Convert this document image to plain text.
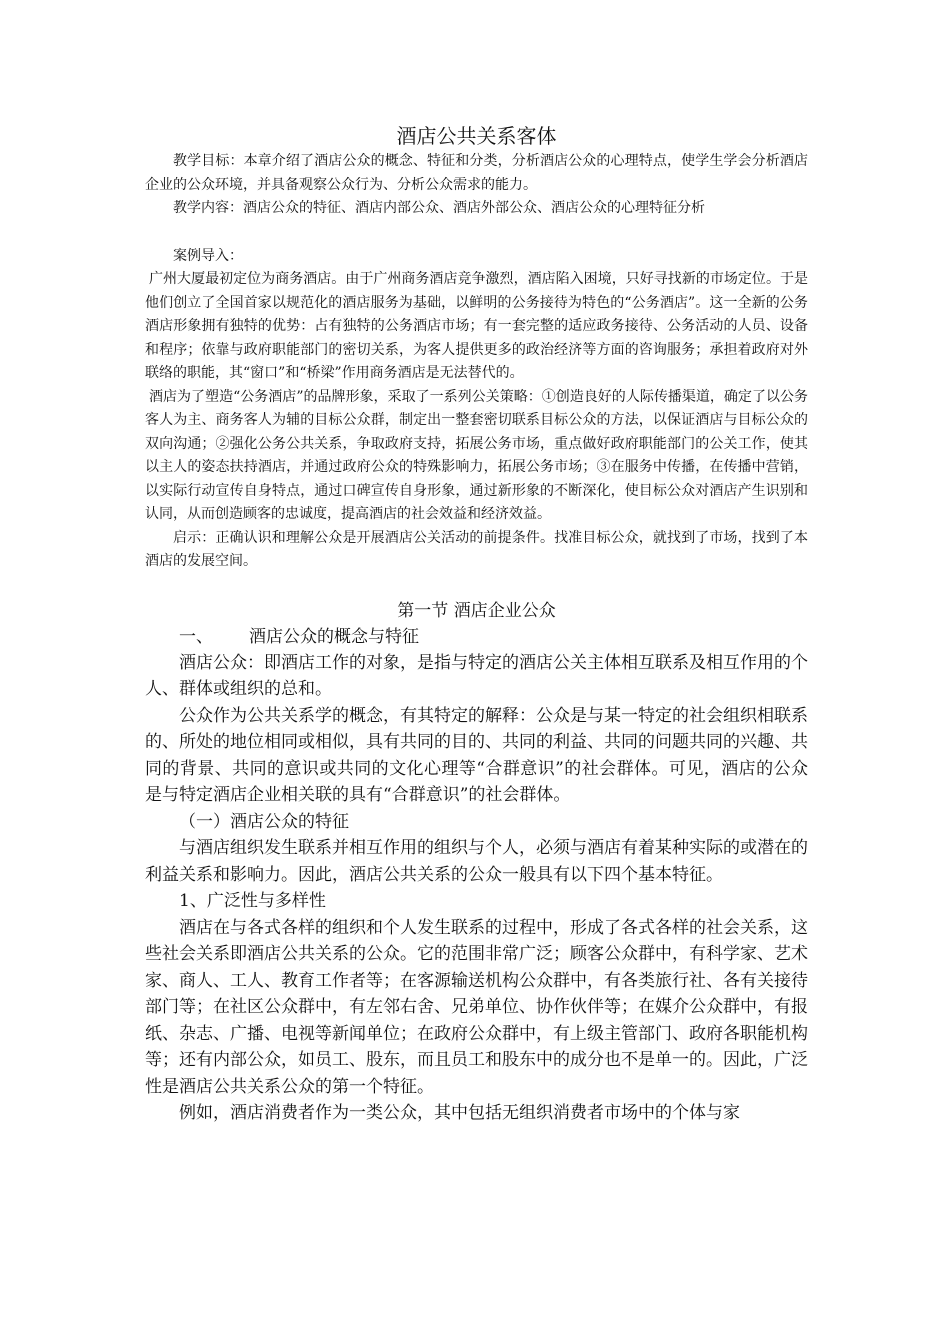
酒店公共关系客体

教学目标：本章介绍了酒店公众的概念、特征和分类，分析酒店公众的心理特点，使学生学会分析酒店企业的公众环境，并具备观察公众行为、分析公众需求的能力。

教学内容：酒店公众的特征、酒店内部公众、酒店外部公众、酒店公众的心理特征分析

案例导入：

广州大厦最初定位为商务酒店。由于广州商务酒店竞争激烈，酒店陷入困境，只好寻找新的市场定位。于是他们创立了全国首家以规范化的酒店服务为基础，以鲜明的公务接待为特色的“公务酒店”。这一全新的公务酒店形象拥有独特的优势：占有独特的公务酒店市场；有一套完整的适应政务接待、公务活动的人员、设备和程序；依靠与政府职能部门的密切关系，为客人提供更多的政治经济等方面的咨询服务；承担着政府对外联络的职能，其“窗口”和“桥梁”作用商务酒店是无法替代的。

酒店为了塑造“公务酒店”的品牌形象，采取了一系列公关策略：①创造良好的人际传播渠道，确定了以公务客人为主、商务客人为辅的目标公众群，制定出一整套密切联系目标公众的方法，以保证酒店与目标公众的双向沟通；②强化公务公共关系，争取政府支持，拓展公务市场，重点做好政府职能部门的公关工作，使其以主人的姿态扶持酒店，并通过政府公众的特殊影响力，拓展公务市场；③在服务中传播，在传播中营销，以实际行动宣传自身特点，通过口碑宣传自身形象，通过新形象的不断深化，使目标公众对酒店产生识别和认同，从而创造顾客的忠诚度，提高酒店的社会效益和经济效益。

启示：正确认识和理解公众是开展酒店公关活动的前提条件。找准目标公众，就找到了市场，找到了本酒店的发展空间。

第一节 酒店企业公众

一、 酒店公众的概念与特征

酒店公众：即酒店工作的对象，是指与特定的酒店公关主体相互联系及相互作用的个人、群体或组织的总和。

公众作为公共关系学的概念，有其特定的解释：公众是与某一特定的社会组织相联系的、所处的地位相同或相似，具有共同的目的、共同的利益、共同的问题共同的兴趣、共同的背景、共同的意识或共同的文化心理等“合群意识”的社会群体。可见，酒店的公众是与特定酒店企业相关联的具有“合群意识”的社会群体。

（一）酒店公众的特征

与酒店组织发生联系并相互作用的组织与个人，必须与酒店有着某种实际的或潜在的利益关系和影响力。因此，酒店公共关系的公众一般具有以下四个基本特征。

1、广泛性与多样性

酒店在与各式各样的组织和个人发生联系的过程中，形成了各式各样的社会关系，这些社会关系即酒店公共关系的公众。它的范围非常广泛；顾客公众群中，有科学家、艺术家、商人、工人、教育工作者等；在客源输送机构公众群中，有各类旅行社、各有关接待部门等；在社区公众群中，有左邻右舍、兄弟单位、协作伙伴等；在媒介公众群中，有报纸、杂志、广播、电视等新闻单位；在政府公众群中，有上级主管部门、政府各职能机构等；还有内部公众，如员工、股东，而且员工和股东中的成分也不是单一的。因此，广泛性是酒店公共关系公众的第一个特征。

例如，酒店消费者作为一类公众，其中包括无组织消费者市场中的个体与家
